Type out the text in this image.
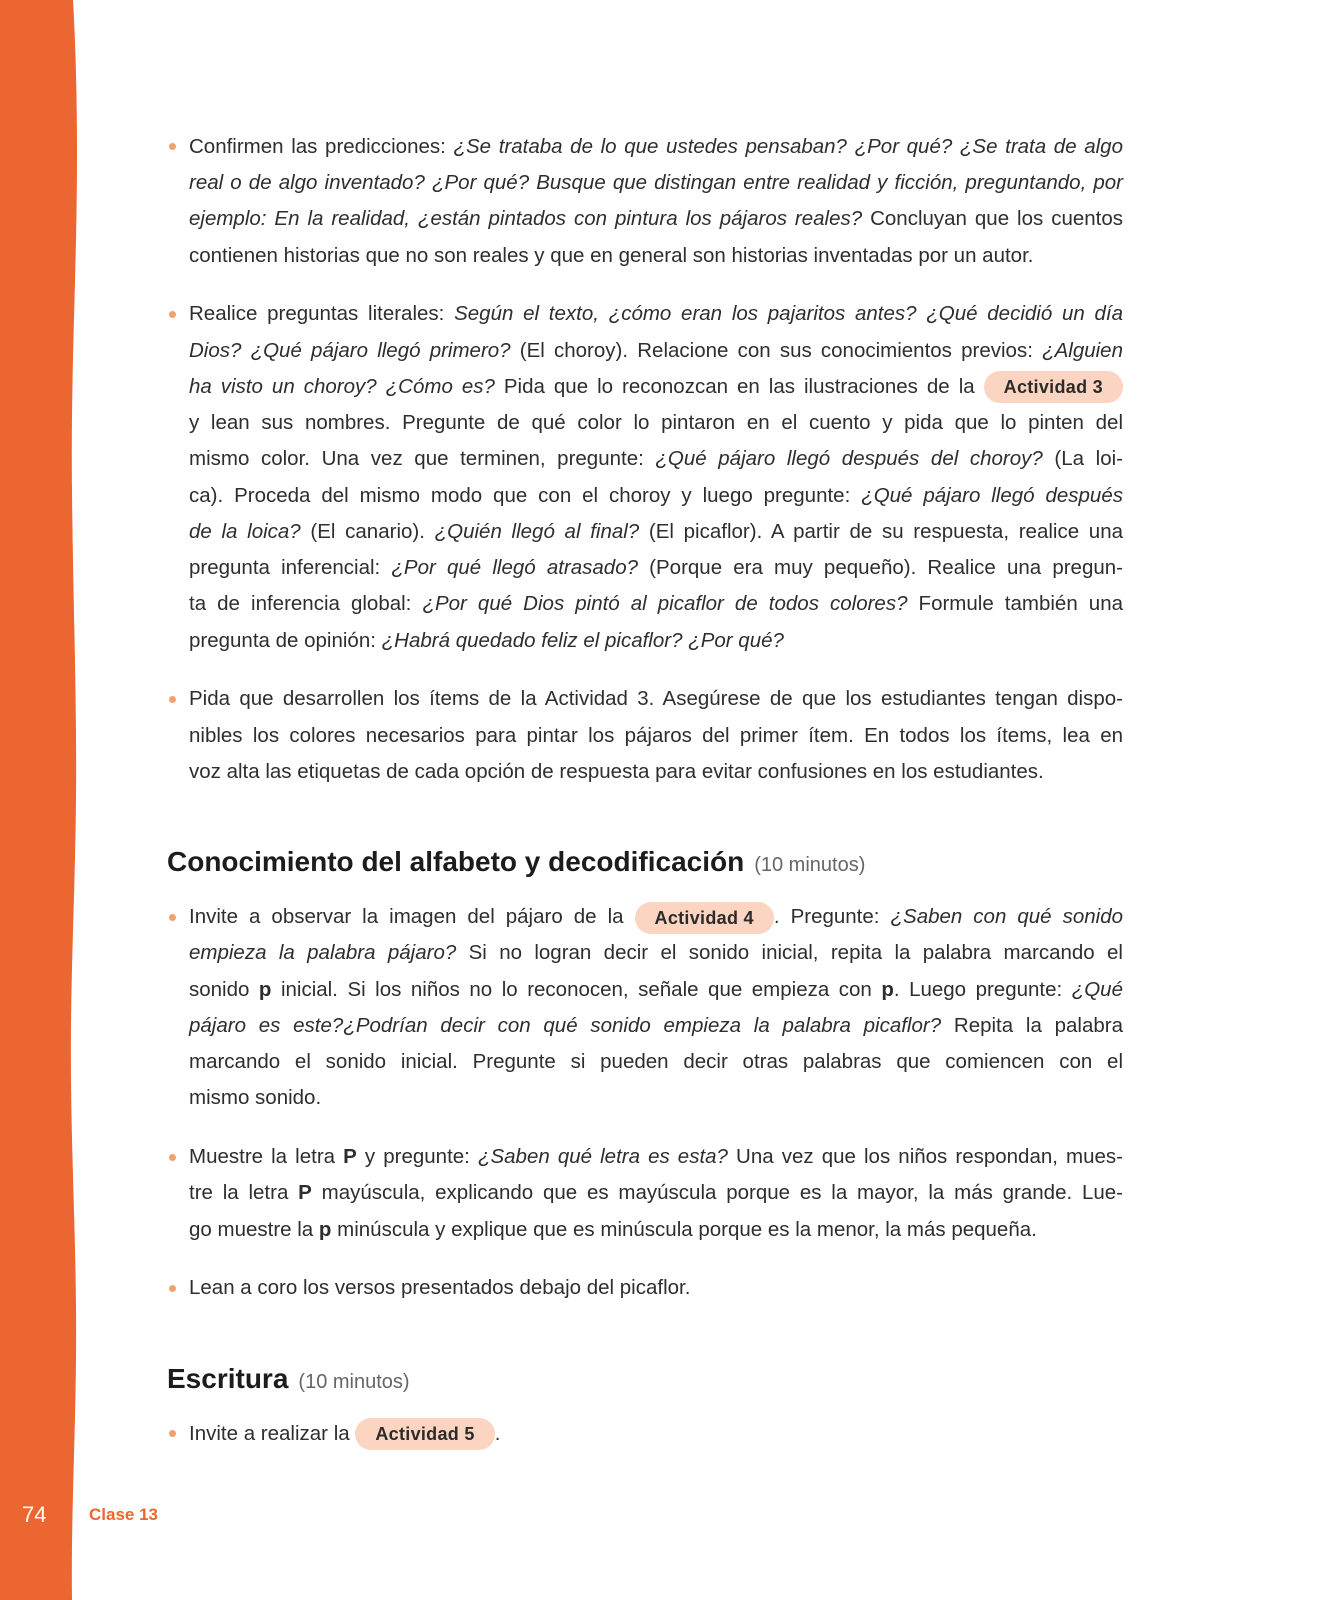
Confirmen las predicciones: ¿Se trataba de lo que ustedes pensaban? ¿Por qué? ¿Se trata de algo
real o de algo inventado? ¿Por qué? Busque que distingan entre realidad y ficción, preguntando, por
ejemplo: En la realidad, ¿están pintados con pintura los pájaros reales? Concluyan que los cuentos
contienen historias que no son reales y que en general son historias inventadas por un autor.
Realice preguntas literales: Según el texto, ¿cómo eran los pajaritos antes? ¿Qué decidió un día
Dios? ¿Qué pájaro llegó primero? (El choroy). Relacione con sus conocimientos previos: ¿Alguien
ha visto un choroy? ¿Cómo es? Pida que lo reconozcan en las ilustraciones de la Actividad 3
y lean sus nombres. Pregunte de qué color lo pintaron en el cuento y pida que lo pinten del
mismo color. Una vez que terminen, pregunte: ¿Qué pájaro llegó después del choroy? (La loi-
ca). Proceda del mismo modo que con el choroy y luego pregunte: ¿Qué pájaro llegó después
de la loica? (El canario). ¿Quién llegó al final? (El picaflor). A partir de su respuesta, realice una
pregunta inferencial: ¿Por qué llegó atrasado? (Porque era muy pequeño). Realice una pregun-
ta de inferencia global: ¿Por qué Dios pintó al picaflor de todos colores? Formule también una
pregunta de opinión: ¿Habrá quedado feliz el picaflor? ¿Por qué?
Pida que desarrollen los ítems de la Actividad 3. Asegúrese de que los estudiantes tengan dispo-
nibles los colores necesarios para pintar los pájaros del primer ítem. En todos los ítems, lea en
voz alta las etiquetas de cada opción de respuesta para evitar confusiones en los estudiantes.
Conocimiento del alfabeto y decodificación (10 minutos)
Invite a observar la imagen del pájaro de la Actividad 4 . Pregunte: ¿Saben con qué sonido
empieza la palabra pájaro? Si no logran decir el sonido inicial, repita la palabra marcando el
sonido p inicial. Si los niños no lo reconocen, señale que empieza con p. Luego pregunte: ¿Qué
pájaro es este?¿Podrían decir con qué sonido empieza la palabra picaflor? Repita la palabra
marcando el sonido inicial. Pregunte si pueden decir otras palabras que comiencen con el
mismo sonido.
Muestre la letra P y pregunte: ¿Saben qué letra es esta? Una vez que los niños respondan, mues-
tre la letra P mayúscula, explicando que es mayúscula porque es la mayor, la más grande. Lue-
go muestre la p minúscula y explique que es minúscula porque es la menor, la más pequeña.
Lean a coro los versos presentados debajo del picaflor.
Escritura (10 minutos)
Invite a realizar la Actividad 5 .
74	Clase 13
